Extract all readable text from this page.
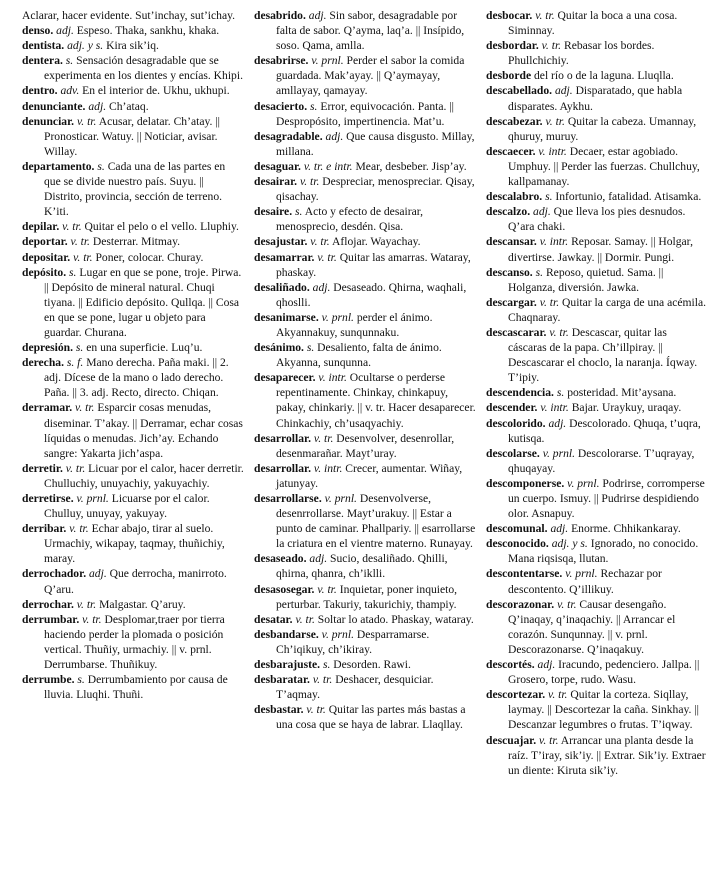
Aclarar, hacer evidente. Sut’inchay, sut’ichay.

denso. adj. Espeso. Thaka, sankhu, khaka.

dentista. adj. y s. Kira sik’iq.

dentera. s. Sensación desagradable que se experimenta en los dientes y encías. Khipi.

dentro. adv. En el interior de. Ukhu, ukhupi.

denunciante. adj. Ch’ataq.

denunciar. v. tr. Acusar, delatar. Ch’atay. || Pronosticar. Watuy. || Noticiar, avisar. Willay.

departamento. s. Cada una de las partes en que se divide nuestro país. Suyu. || Distrito, provincia, sección de terreno. K’iti.

depilar. v. tr. Quitar el pelo o el vello. Lluphiy.

deportar. v. tr. Desterrar. Mitmay.

depositar. v. tr. Poner, colocar. Churay.

depósito. s. Lugar en que se pone, troje. Pirwa. || Depósito de mineral natural. Chuqi tiyana. || Edificio depósito. Qullqa. || Cosa en que se pone, lugar u objeto para guardar. Churana.

depresión. s. en una superficie. Luq’u.

derecha. s. f. Mano derecha. Paña maki. || 2. adj. Dícese de la mano o lado derecho. Paña. || 3. adj. Recto, directo. Chiqan.

derramar. v. tr. Esparcir cosas menudas, diseminar. T’akay. || Derramar, echar cosas líquidas o menudas. Jich’ay. Echando sangre: Yakarta jich’aspa.

derretir. v. tr. Licuar por el calor, hacer derretir. Chulluchiy, unuyachiy, yakuyachiy.

derretirse. v. prnl. Licuarse por el calor. Chulluy, unuyay, yakuyay.

derribar. v. tr. Echar abajo, tirar al suelo. Urmachiy, wikapay, taqmay, thuñichiy, maray.

derrochador. adj. Que derrocha, manirroto. Q’aru.

derrochar. v. tr. Malgastar. Q’aruy.

derrumbar. v. tr. Desplomar,traer por tierra haciendo perder la plomada o posición vertical. Thuñiy, urmachiy. || v. prnl. Derrumbarse. Thuñikuy.

derrumbe. s. Derrumbamiento por causa de lluvia. Lluqhi. Thuñi.

desabrido. adj. Sin sabor, desagradable por falta de sabor. Q’ayma, laq’a. || Insípido, soso. Qama, amlla.

desabrirse. v. prnl. Perder el sabor la comida guardada. Mak’ayay. || Q’aymayay, amllayay, qamayay.

desacierto. s. Error, equivocación. Panta. || Despropósito, impertinencia. Mat’u.

desagradable. adj. Que causa disgusto. Millay, millana.

desaguar. v. tr. e intr. Mear, desbeber. Jisp’ay.

desairar. v. tr. Despreciar, menospreciar. Qisay, qisachay.

desaire. s. Acto y efecto de desairar, menosprecio, desdén. Qisa.

desajustar. v. tr. Aflojar. Wayachay.

desamarrar. v. tr. Quitar las amarras. Wataray, phaskay.

desaliñado. adj. Desaseado. Qhirna, waqhali, qhoslli.

desanimarse. v. prnl. perder el ánimo. Akyannakuy, sunqunnaku.

desánimo. s. Desaliento, falta de ánimo. Akyanna, sunqunna.

desaparecer. v. intr. Ocultarse o perderse repentinamente. Chinkay, chinkapuy, pakay, chinkariy. || v. tr. Hacer desaparecer. Chinkachiy, ch’usaqyachiy.

desarrollar. v. tr. Desenvolver, desenrollar, desenmarañar. Mayt’uray.

desarrollar. v. intr. Crecer, aumentar. Wiñay, jatunyay.

desarrollarse. v. prnl. Desenvolverse, desenrrollarse. Mayt’urakuy. || Estar a punto de caminar. Phallpariy. || esarrollarse la criatura en el vientre materno. Runayay.

desaseado. adj. Sucio, desaliñado. Qhilli, qhirna, qhanra, ch’iklli.

desasosegar. v. tr. Inquietar, poner inquieto, perturbar. Takuriy, takurichiy, thampiy.

desatar. v. tr. Soltar lo atado. Phaskay, wataray.

desbandarse. v. prnl. Desparramarse. Ch’iqikuy, ch’ikiray.

desbarajuste. s. Desorden. Rawi.

desbaratar. v. tr. Deshacer, desquiciar. T’aqmay.

desbastar. v. tr. Quitar las partes más bastas a una cosa que se haya de labrar. Llaqllay.

desbocar. v. tr. Quitar la boca a una cosa. Siminnay.

desbordar. v. tr. Rebasar los bordes. Phullchichiy.

desborde del río o de la laguna. Lluqlla.

descabellado. adj. Disparatado, que habla disparates. Aykhu.

descabezar. v. tr. Quitar la cabeza. Umannay, qhuruy, muruy.

descaecer. v. intr. Decaer, estar agobiado. Umphuy. || Perder las fuerzas. Chullchuy, kallpamanay.

descalabro. s. Infortunio, fatalidad. Atisamka.

descalzo. adj. Que lleva los pies desnudos. Q’ara chaki.

descansar. v. intr. Reposar. Samay. || Holgar, divertirse. Jawkay. || Dormir. Pungi.

descanso. s. Reposo, quietud. Sama. || Holganza, diversión. Jawka.

descargar. v. tr. Quitar la carga de una acémila. Chaqnaray.

descascarar. v. tr. Descascar, quitar las cáscaras de la papa. Ch’illpiray. || Descascarar el choclo, la naranja. Íqway. T’ipiy.

descendencia. s. posteridad. Mit’aysana.

descender. v. intr. Bajar. Uraykuy, uraqay.

descolorido. adj. Descolorado. Qhuqa, t’uqra, kutisqa.

descolarse. v. prnl. Descolorarse. T’uqrayay, qhuqayay.

descomponerse. v. prnl. Podrirse, corromperse un cuerpo. Ismuy. || Pudrirse despidiendo olor. Asnapuy.

descomunal. adj. Enorme. Chhikankaray.

desconocido. adj. y s. Ignorado, no conocido. Mana riqsisqa, llutan.

descontentarse. v. prnl. Rechazar por descontento. Q’illikuy.

descorazonar. v. tr. Causar desengaño. Q’inaqay, q’inaqachiy. || Arrancar el corazón. Sunqunnay. || v. prnl. Descorazonarse. Q’inaqakuy.

descortés. adj. Iracundo, pedenciero. Jallpa. || Grosero, torpe, rudo. Wasu.

descortezar. v. tr. Quitar la corteza. Siqllay, laymay. || Descortezar la caña. Sinkhay. || Descanzar legumbres o frutas. T’iqway.

descuajar. v. tr. Arrancar una planta desde la raíz. T’iray, sik’iy. || Extrar. Sik’iy. Extraer un diente: Kiruta sik’iy.
